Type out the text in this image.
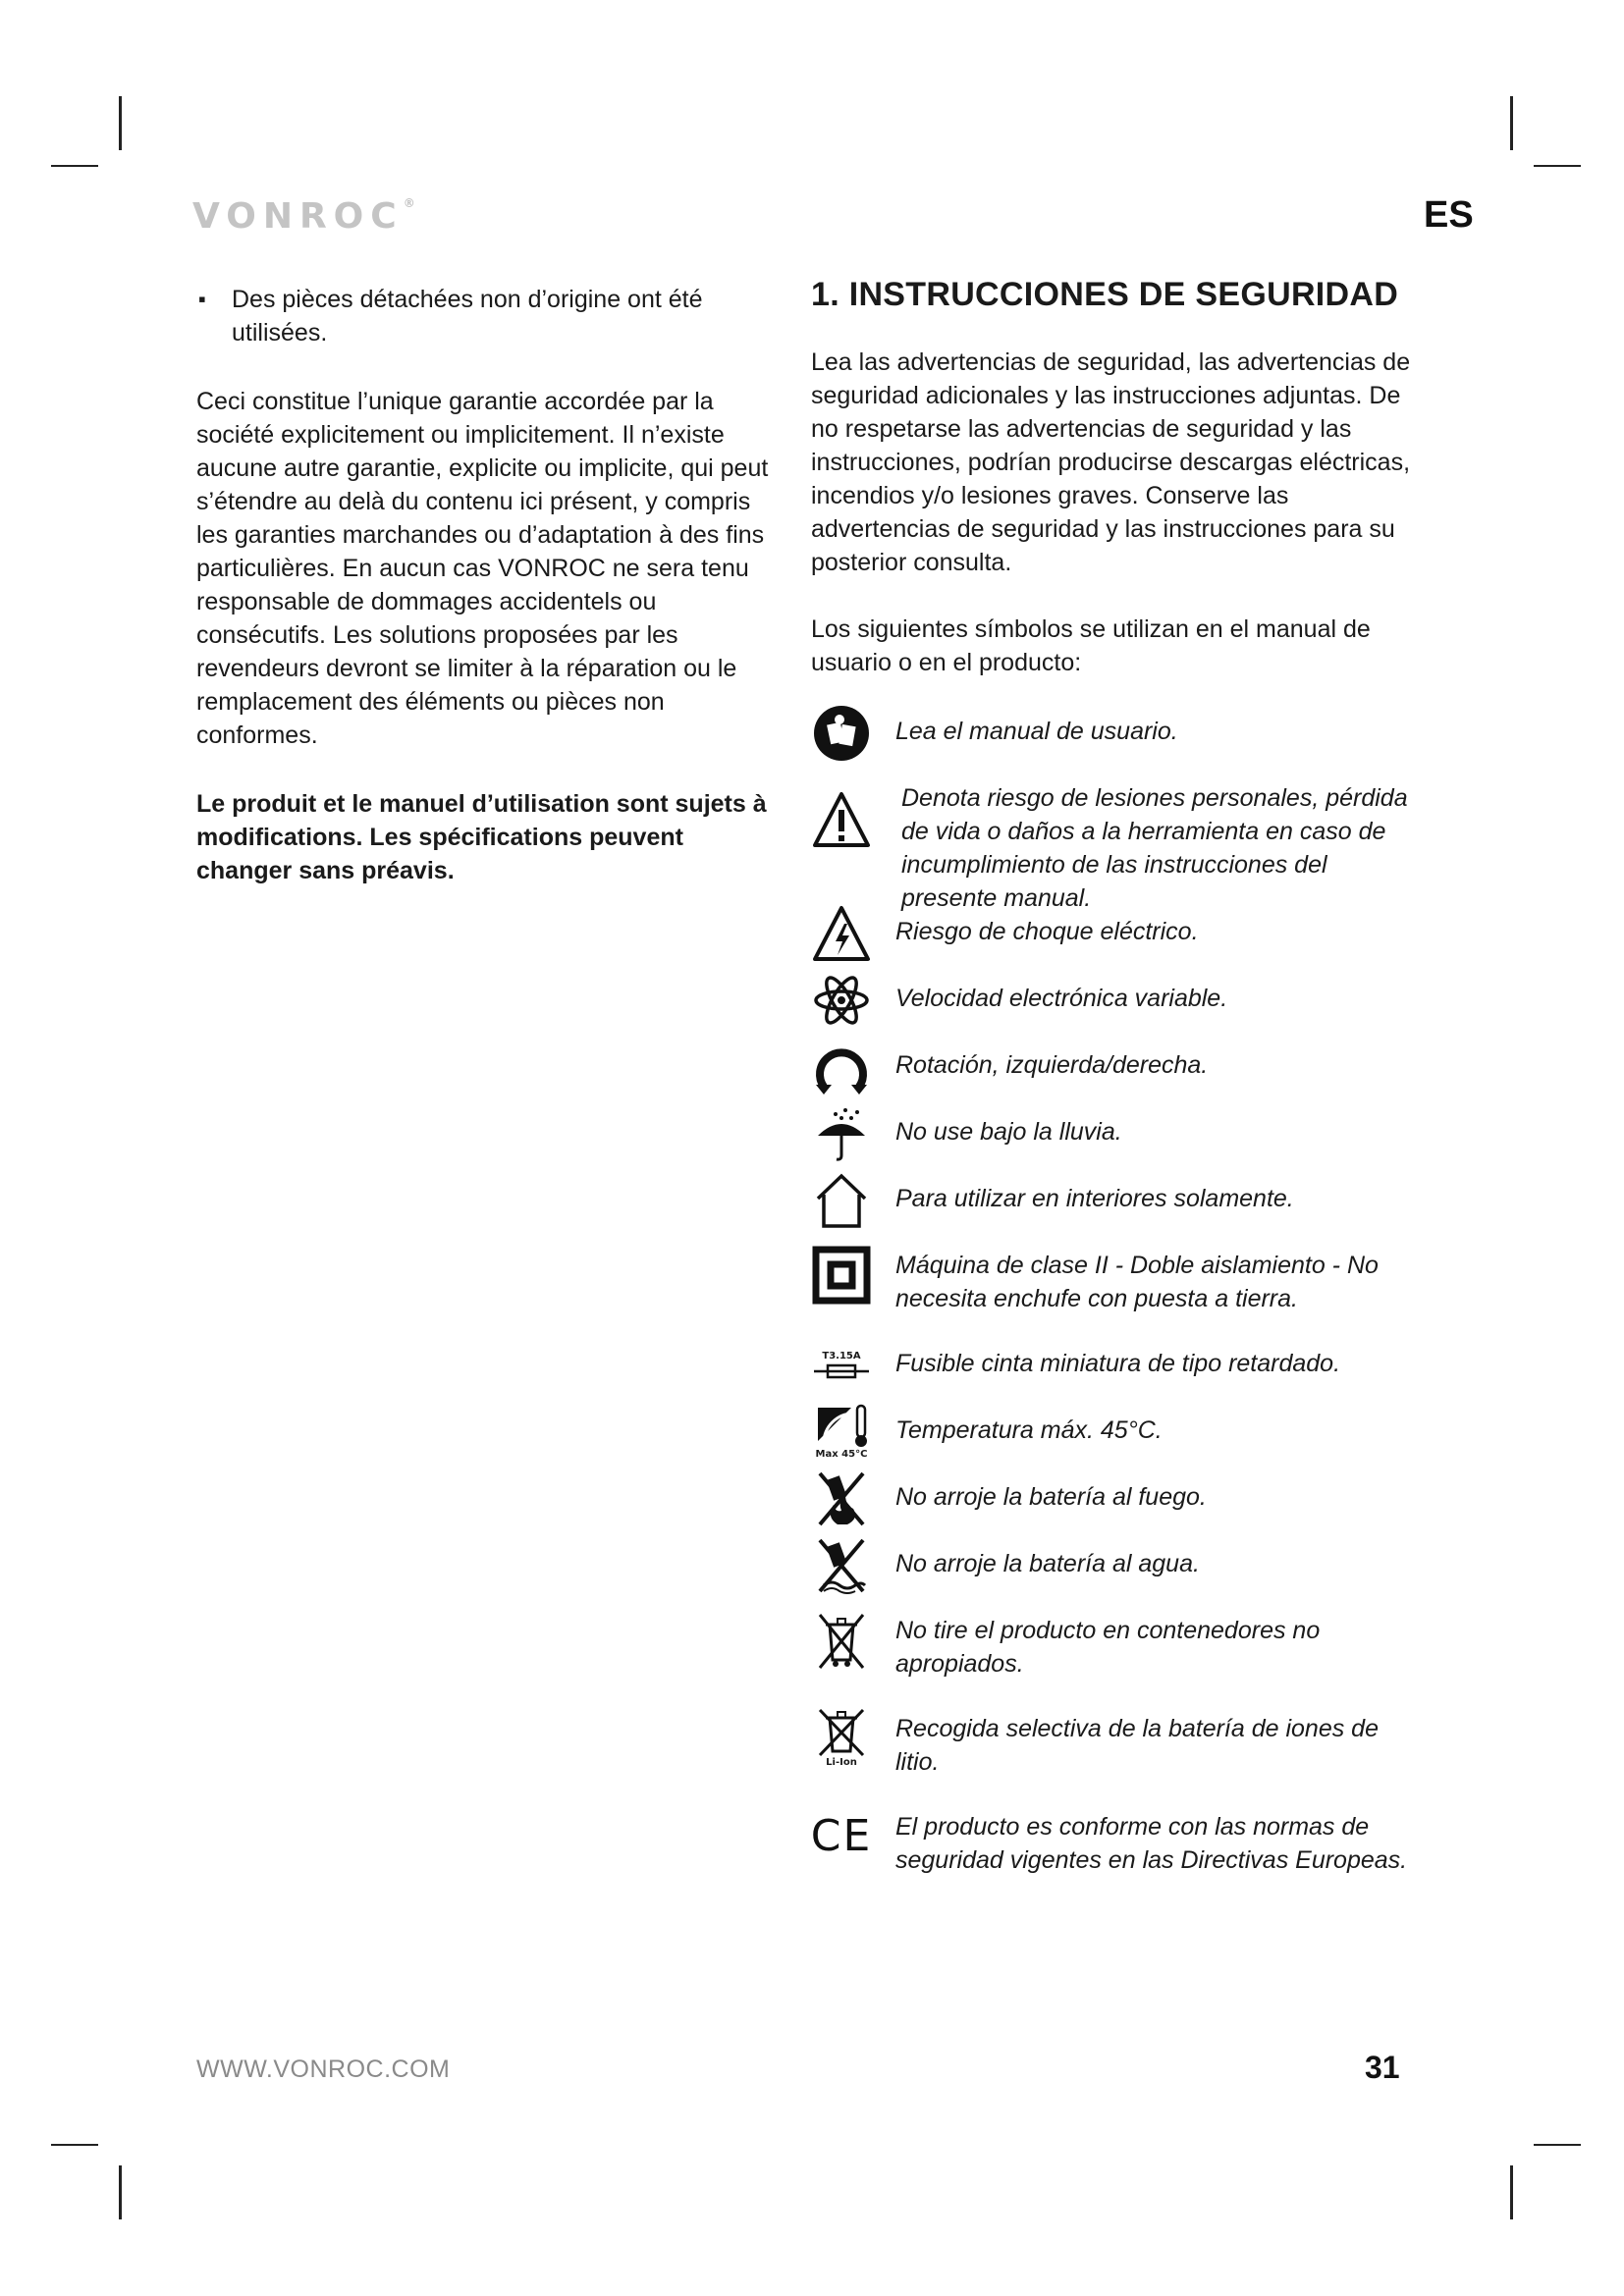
VONROC®	ES
▪	Des pièces détachées non d’origine ont été utilisées.

Ceci constitue l’unique garantie accordée par la société explicitement ou implicitement. Il n’existe aucune autre garantie, explicite ou implicite, qui peut s’étendre au delà du contenu ici présent, y compris les garanties marchandes ou d’adaptation à des fins particulières. En aucun cas VONROC ne sera tenu responsable de dommages accidentels ou consécutifs. Les solutions proposées par les revendeurs devront se limiter à la réparation ou le remplacement des éléments ou pièces non conformes.

Le produit et le manuel d’utilisation sont sujets à modifications. Les spécifications peuvent changer sans préavis.

1. INSTRUCCIONES DE SEGURIDAD

Lea las advertencias de seguridad, las advertencias de seguridad adicionales y las instrucciones adjuntas. De no respetarse las advertencias de seguridad y las instrucciones, podrían producirse descargas eléctricas, incendios y/o lesiones graves. Conserve las advertencias de seguridad y las instrucciones para su posterior consulta.

Los siguientes símbolos se utilizan en el manual de usuario o en el producto:

Lea el manual de usuario.
Denota riesgo de lesiones personales, pérdida de vida o daños a la herramienta en caso de incumplimiento de las instrucciones del presente manual.
Riesgo de choque eléctrico.
Velocidad electrónica variable.
Rotación, izquierda/derecha.
No use bajo la lluvia.
Para utilizar en interiores solamente.
Máquina de clase II - Doble aislamiento - No necesita enchufe con puesta a tierra.
T3.15A Fusible cinta miniatura de tipo retardado.
Max 45°C
Temperatura máx. 45°C.
No arroje la batería al fuego.
No arroje la batería al agua.
No tire el producto en contenedores no apropiados.
Li-Ion
Recogida selectiva de la batería de iones de litio.
CE El producto es conforme con las normas de seguridad vigentes en las Directivas Europeas.
WWW.VONROC.COM	31
